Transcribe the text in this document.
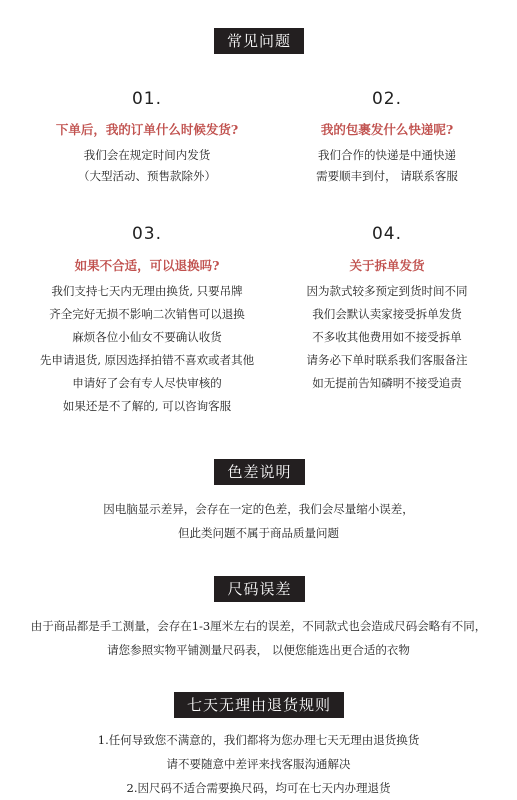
常见问题
01.
下单后，我的订单什么时候发货?
我们会在规定时间内发货
（大型活动、预售款除外）
02.
我的包裹发什么快递呢?
我们合作的快递是中通快递
需要顺丰到付， 请联系客服
03.
如果不合适，可以退换吗?
我们支持七天内无理由换货, 只要吊牌
齐全完好无损不影响二次销售可以退换
麻烦各位小仙女不要确认收货
先申请退货, 原因选择拍错不喜欢或者其他
申请好了会有专人尽快审核的
如果还是不了解的, 可以咨询客服
04.
关于拆单发货
因为款式较多预定到货时间不同
我们会默认卖家接受拆单发货
不多收其他费用如不接受拆单
请务必下单时联系我们客服备注
如无提前告知磷明不接受追责
色差说明
因电脑显示差异，会存在一定的色差，我们会尽量缩小误差，
但此类问题不属于商品质量问题
尺码误差
由于商品都是手工测量，会存在1-3厘米左右的误差，不同款式也会造成尺码会略有不同，
请您参照实物平铺测量尺码表， 以便您能选出更合适的衣物
七天无理由退货规则
1.任何导致您不满意的，我们都将为您办理七天无理由退货换货
请不要随意中差评来找客服沟通解决
2.因尺码不适合需要换尺码，均可在七天内办理退货
